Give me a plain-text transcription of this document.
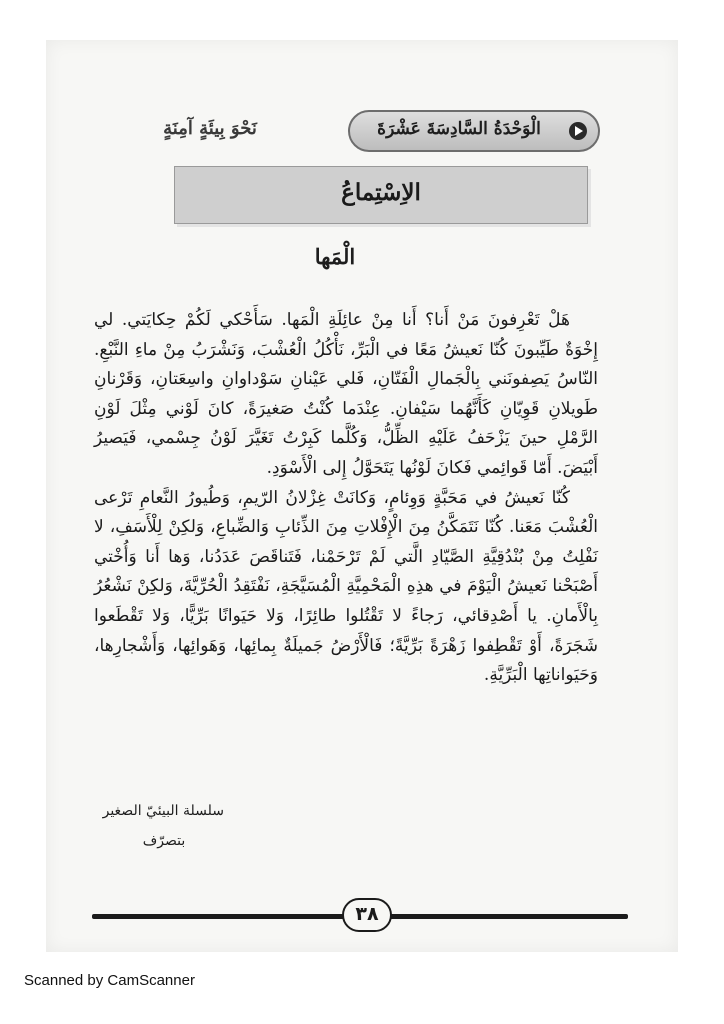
الْوَحْدَةُ السَّادِسَةَ عَشْرَةَ
نَحْوَ بِيئَةٍ آمِنَةٍ
الاِسْتِماعُ
الْمَها

هَلْ تَعْرِفونَ مَنْ أَنا؟ أَنا مِنْ عائِلَةِ الْمَها. سَأَحْكي لَكُمْ حِكايَتي. لي إِخْوَةٌ طَيِّبونَ كُنّا نَعيشُ مَعًا في الْبَرِّ، نَأْكُلُ الْعُشْبَ، وَنَشْرَبُ مِنْ ماءِ النَّبْعِ. النّاسُ يَصِفونَني بِالْجَمالِ الْفَتّانِ، فَلي عَيْنانِ سَوْداوانِ واسِعَتانِ، وَقَرْنانِ طَويلانِ قَوِيّانِ كَأَنَّهُما سَيْفانِ. عِنْدَما كُنْتُ صَغيرَةً، كانَ لَوْني مِثْلَ لَوْنِ الرَّمْلِ حينَ يَزْحَفُ عَلَيْهِ الظِّلُّ، وَكُلَّما كَبِرْتُ تَغَيَّرَ لَوْنُ جِسْمي، فَيَصيرُ أَبْيَضَ. أَمّا قَوائِمي فَكانَ لَوْنُها يَتَحَوَّلُ إِلى الْأَسْوَدِ.

كُنّا نَعيشُ في مَحَبَّةٍ وَوِئامٍ، وَكانَتْ غِزْلانُ الرّيمِ، وَطُيورُ النَّعامِ تَرْعى الْعُشْبَ مَعَنا. كُنّا نَتَمَكَّنُ مِنَ الْإِفْلاتِ مِنَ الذِّئابِ وَالضِّباعِ، وَلكِنْ لِلْأَسَفِ، لا نَفْلِتُ مِنْ بُنْدُقِيَّةِ الصَّيّادِ الَّتي لَمْ تَرْحَمْنا، فَتَناقَصَ عَدَدُنا، وَها أَنا وَأُخْتي أَصْبَحْنا نَعيشُ الْيَوْمَ في هذِهِ الْمَحْمِيَّةِ الْمُسَيَّجَةِ، نَفْتَقِدُ الْحُرِّيَّةَ، وَلكِنْ نَشْعُرُ بِالْأَمانِ. يا أَصْدِقائي، رَجاءً لا تَقْتُلوا طائِرًا، وَلا حَيَوانًا بَرِّيًّا، وَلا تَقْطَعوا شَجَرَةً، أَوْ تَقْطِفوا زَهْرَةً بَرِّيَّةً؛ فَالْأَرْضُ جَميلَةٌ بِمائِها، وَهَوائِها، وَأَشْجارِها، وَحَيَواناتِها الْبَرِّيَّةِ.

سلسلة البيئيّ الصغير
بتصرّف
٣٨
Scanned by CamScanner
